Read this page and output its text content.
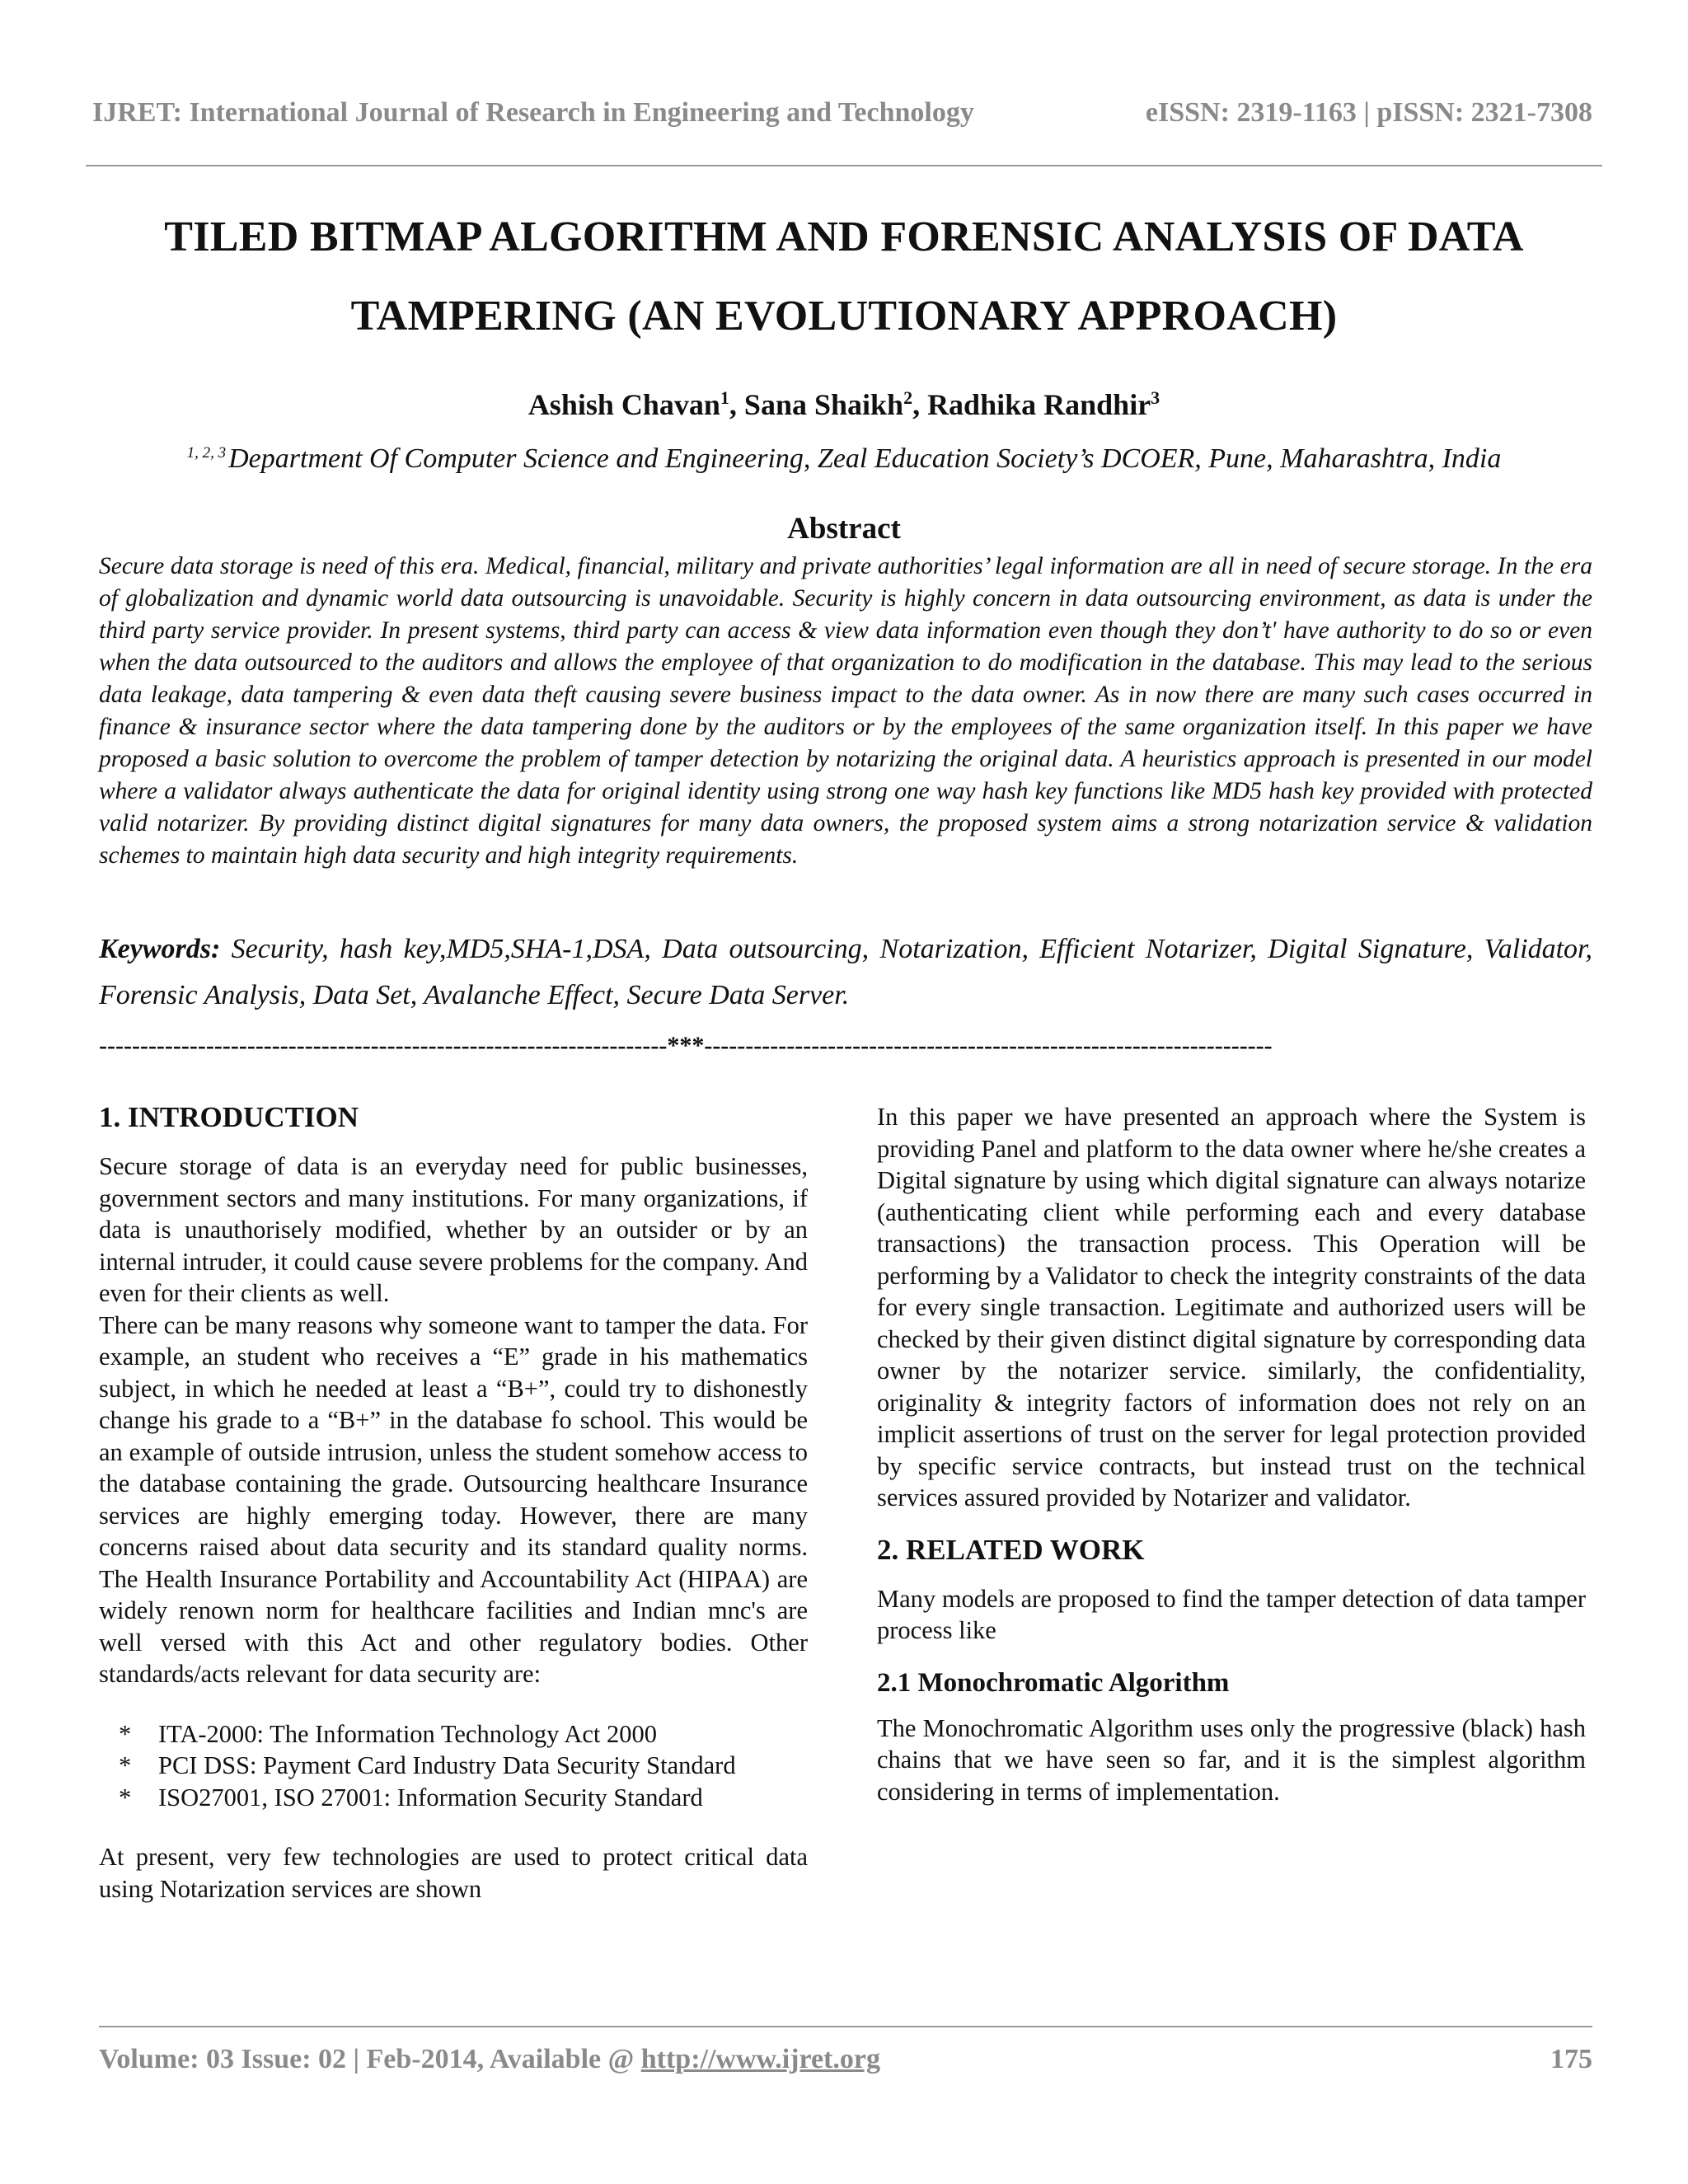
IJRET: International Journal of Research in Engineering and Technology	eISSN: 2319-1163 | pISSN: 2321-7308
TILED BITMAP ALGORITHM AND FORENSIC ANALYSIS OF DATA
TAMPERING (AN EVOLUTIONARY APPROACH)
Ashish Chavan$^1$, Sana Shaikh$^2$, Radhika Randhir$^3$
$^{1, 2, 3}$Department Of Computer Science and Engineering, Zeal Education Society’s DCOER, Pune, Maharashtra, India
Abstract
Secure data storage is need of this era. Medical, financial, military and private authorities’ legal information are all in need of secure storage. In the era of globalization and dynamic world data outsourcing is unavoidable. Security is highly concern in data outsourcing environment, as data is under the third party service provider. In present systems, third party can access & view data information even though they don’t' have authority to do so or even when the data outsourced to the auditors and allows the employee of that organization to do modification in the database. This may lead to the serious data leakage, data tampering & even data theft causing severe business impact to the data owner. As in now there are many such cases occurred in finance & insurance sector where the data tampering done by the auditors or by the employees of the same organization itself. In this paper we have proposed a basic solution to overcome the problem of tamper detection by notarizing the original data. A heuristics approach is presented in our model where a validator always authenticate the data for original identity using strong one way hash key functions like MD5 hash key provided with protected valid notarizer. By providing distinct digital signatures for many data owners, the proposed system aims a strong notarization service & validation schemes to maintain high data security and high integrity requirements.
Keywords: Security, hash key,MD5,SHA-1,DSA, Data outsourcing, Notarization, Efficient Notarizer, Digital Signature, Validator, Forensic Analysis, Data Set, Avalanche Effect, Secure Data Server.
---------------------------------------------------------------------***---------------------------------------------------------------------
1. INTRODUCTION

Secure storage of data is an everyday need for public businesses, government sectors and many institutions. For many organizations, if data is unauthorisely modified, whether by an outsider or by an internal intruder, it could cause severe problems for the company. And even for their clients as well.

There can be many reasons why someone want to tamper the data. For example, an student who receives a “E” grade in his mathematics subject, in which he needed at least a “B+”, could try to dishonestly change his grade to a “B+” in the database fo school. This would be an example of outside intrusion, unless the student somehow access to the database containing the grade. Outsourcing healthcare Insurance services are highly emerging today. However, there are many concerns raised about data security and its standard quality norms. The Health Insurance Portability and Accountability Act (HIPAA) are widely renown norm for healthcare facilities and Indian mnc's are well versed with this Act and other regulatory bodies. Other standards/acts relevant for data security are:

* ITA-2000: The Information Technology Act 2000
* PCI DSS: Payment Card Industry Data Security Standard
* ISO27001, ISO 27001: Information Security Standard

At present, very few technologies are used to protect critical data using Notarization services are shown

In this paper we have presented an approach where the System is providing Panel and platform to the data owner where he/she creates a Digital signature by using which digital signature can always notarize (authenticating client while performing each and every database transactions) the transaction process. This Operation will be performing by a Validator to check the integrity constraints of the data for every single transaction. Legitimate and authorized users will be checked by their given distinct digital signature by corresponding data owner by the notarizer service. similarly, the confidentiality, originality & integrity factors of information does not rely on an implicit assertions of trust on the server for legal protection provided by specific service contracts, but instead trust on the technical services assured provided by Notarizer and validator.

2. RELATED WORK

Many models are proposed to find the tamper detection of data tamper process like

2.1 Monochromatic Algorithm

The Monochromatic Algorithm uses only the progressive (black) hash chains that we have seen so far, and it is the simplest algorithm considering in terms of implementation.

Volume: 03 Issue: 02 | Feb-2014, Available @ http://www.ijret.org	175
